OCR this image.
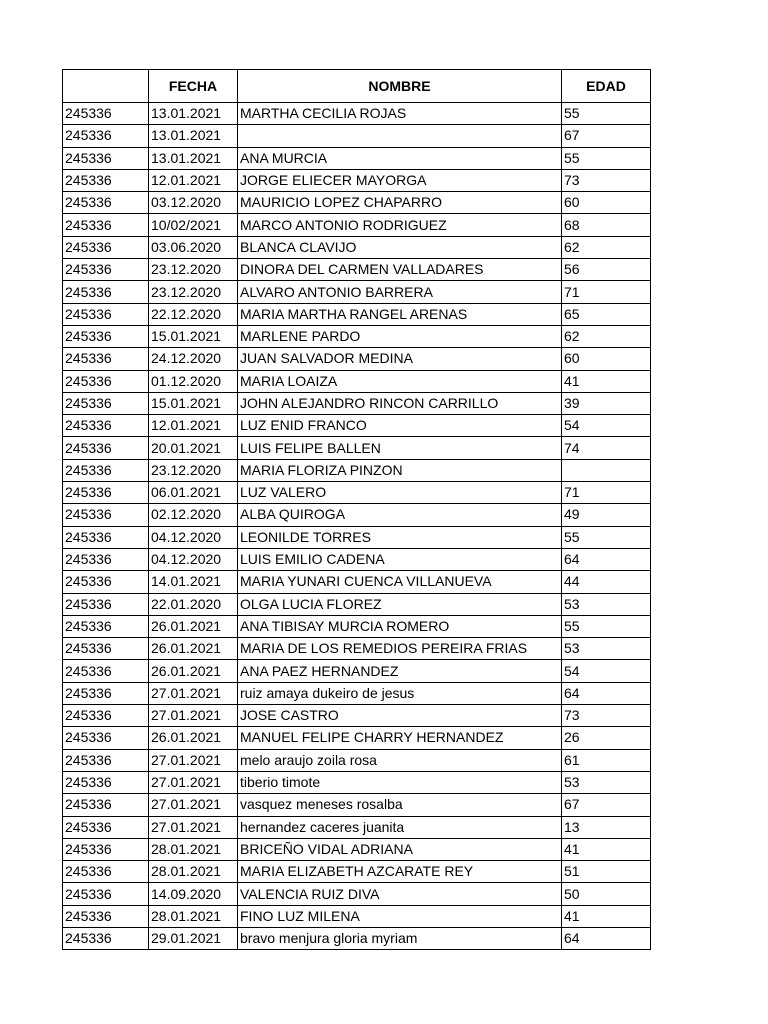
	FECHA	NOMBRE	EDAD
245336	13.01.2021	MARTHA CECILIA ROJAS	55
245336	13.01.2021		67
245336	13.01.2021	ANA MURCIA	55
245336	12.01.2021	JORGE ELIECER MAYORGA	73
245336	03.12.2020	MAURICIO LOPEZ CHAPARRO	60
245336	10/02/2021	MARCO ANTONIO RODRIGUEZ	68
245336	03.06.2020	BLANCA CLAVIJO	62
245336	23.12.2020	DINORA DEL CARMEN VALLADARES	56
245336	23.12.2020	ALVARO ANTONIO BARRERA	71
245336	22.12.2020	MARIA MARTHA RANGEL ARENAS	65
245336	15.01.2021	MARLENE PARDO	62
245336	24.12.2020	JUAN SALVADOR MEDINA	60
245336	01.12.2020	MARIA LOAIZA	41
245336	15.01.2021	JOHN ALEJANDRO RINCON CARRILLO	39
245336	12.01.2021	LUZ ENID FRANCO	54
245336	20.01.2021	LUIS FELIPE BALLEN	74
245336	23.12.2020	MARIA FLORIZA PINZON	
245336	06.01.2021	LUZ VALERO	71
245336	02.12.2020	ALBA QUIROGA	49
245336	04.12.2020	LEONILDE TORRES	55
245336	04.12.2020	LUIS EMILIO CADENA	64
245336	14.01.2021	MARIA YUNARI CUENCA VILLANUEVA	44
245336	22.01.2020	OLGA LUCIA FLOREZ	53
245336	26.01.2021	ANA TIBISAY MURCIA ROMERO	55
245336	26.01.2021	MARIA DE LOS REMEDIOS PEREIRA FRIAS	53
245336	26.01.2021	ANA PAEZ HERNANDEZ	54
245336	27.01.2021	ruiz amaya dukeiro de jesus	64
245336	27.01.2021	JOSE CASTRO	73
245336	26.01.2021	MANUEL FELIPE CHARRY HERNANDEZ	26
245336	27.01.2021	melo araujo zoila rosa	61
245336	27.01.2021	tiberio timote	53
245336	27.01.2021	vasquez meneses rosalba	67
245336	27.01.2021	hernandez caceres juanita	13
245336	28.01.2021	BRICEÑO VIDAL ADRIANA	41
245336	28.01.2021	MARIA ELIZABETH AZCARATE REY	51
245336	14.09.2020	VALENCIA RUIZ DIVA	50
245336	28.01.2021	FINO LUZ MILENA	41
245336	29.01.2021	bravo menjura gloria myriam	64
